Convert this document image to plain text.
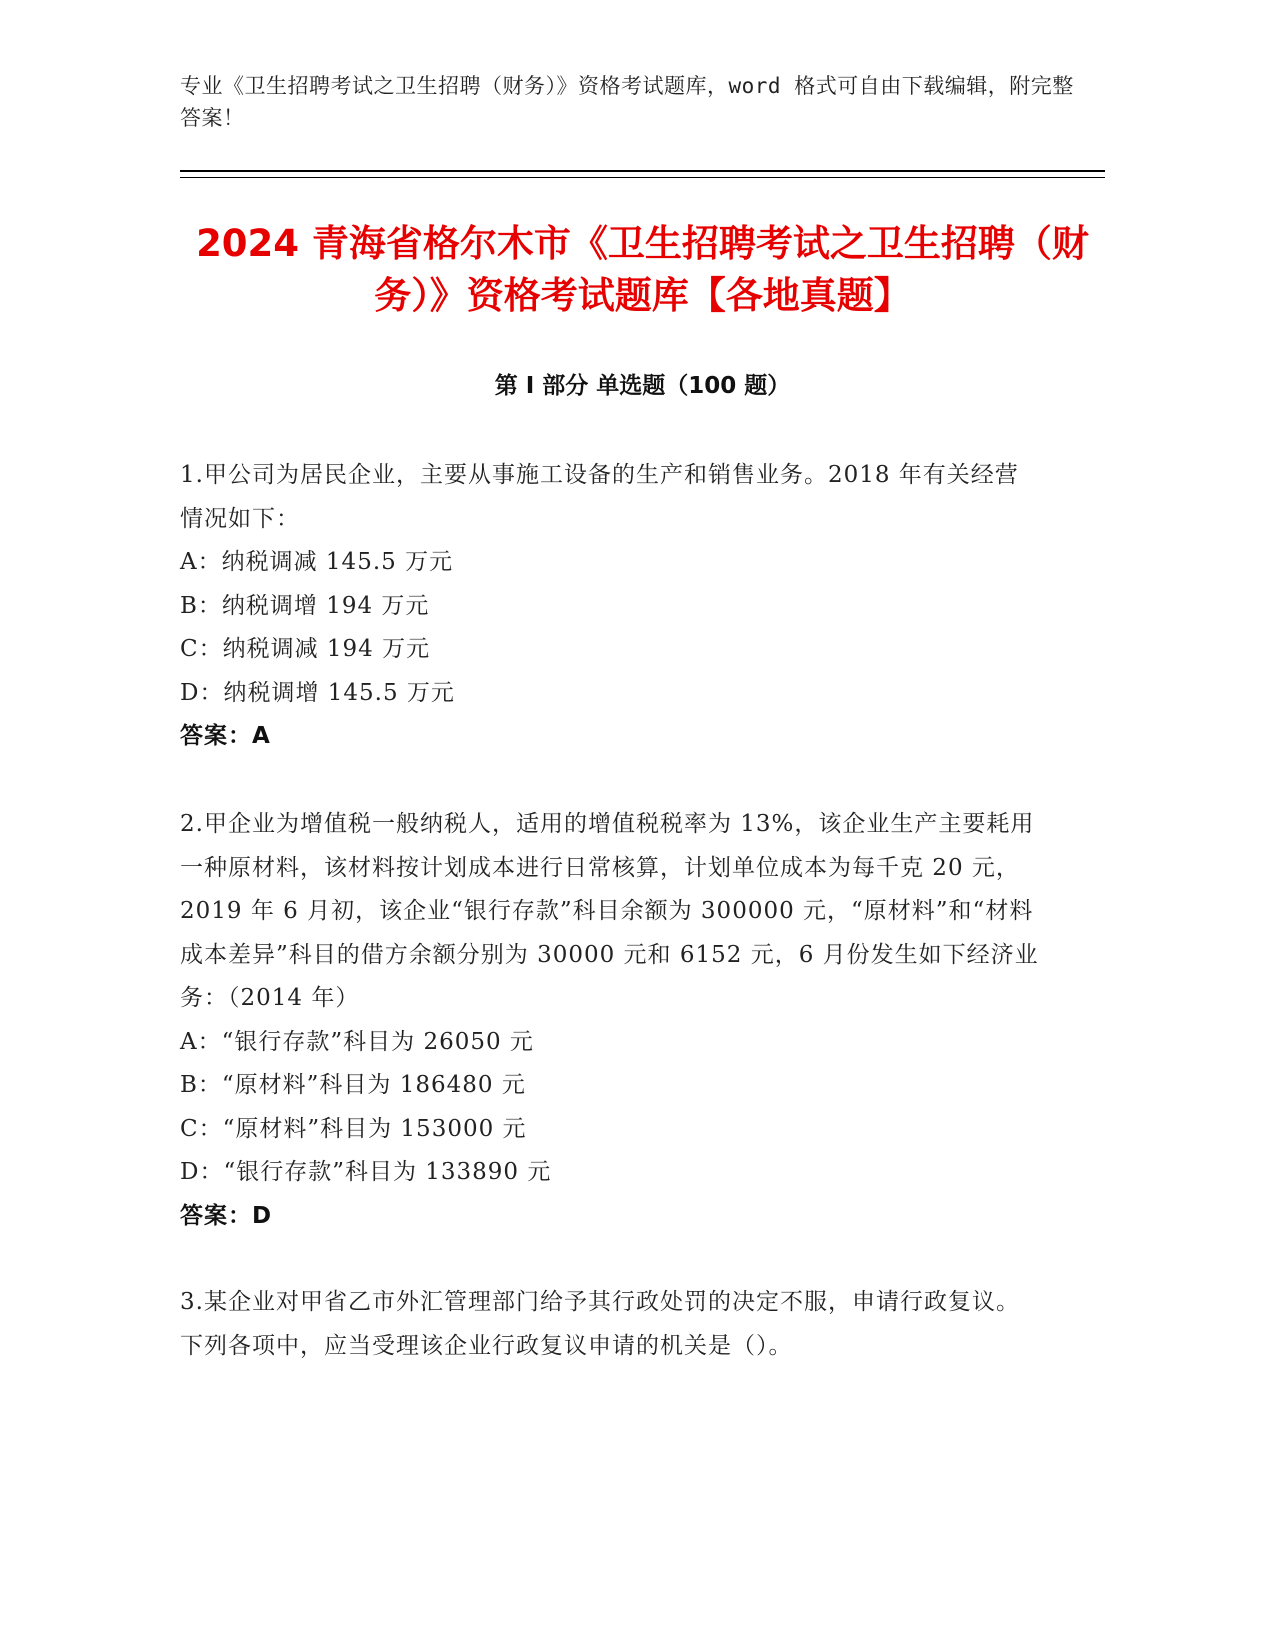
专业《卫生招聘考试之卫生招聘（财务）》资格考试题库，word 格式可自由下载编辑，附完整答案！
2024 青海省格尔木市《卫生招聘考试之卫生招聘（财务）》资格考试题库【各地真题】
第 I 部分 单选题（100 题）

1.甲公司为居民企业，主要从事施工设备的生产和销售业务。2018 年有关经营情况如下：

A：纳税调减 145.5 万元

B：纳税调增 194 万元

C：纳税调减 194 万元

D：纳税调增 145.5 万元

答案：A

2.甲企业为增值税一般纳税人，适用的增值税税率为 13%，该企业生产主要耗用一种原材料，该材料按计划成本进行日常核算，计划单位成本为每千克 20 元，2019 年 6 月初，该企业“银行存款”科目余额为 300000 元，“原材料”和“材料成本差异”科目的借方余额分别为 30000 元和 6152 元，6 月份发生如下经济业务：（2014 年）

A：“银行存款”科目为 26050 元

B：“原材料”科目为 186480 元

C：“原材料”科目为 153000 元

D：“银行存款”科目为 133890 元

答案：D

3.某企业对甲省乙市外汇管理部门给予其行政处罚的决定不服，申请行政复议。下列各项中，应当受理该企业行政复议申请的机关是（）。
